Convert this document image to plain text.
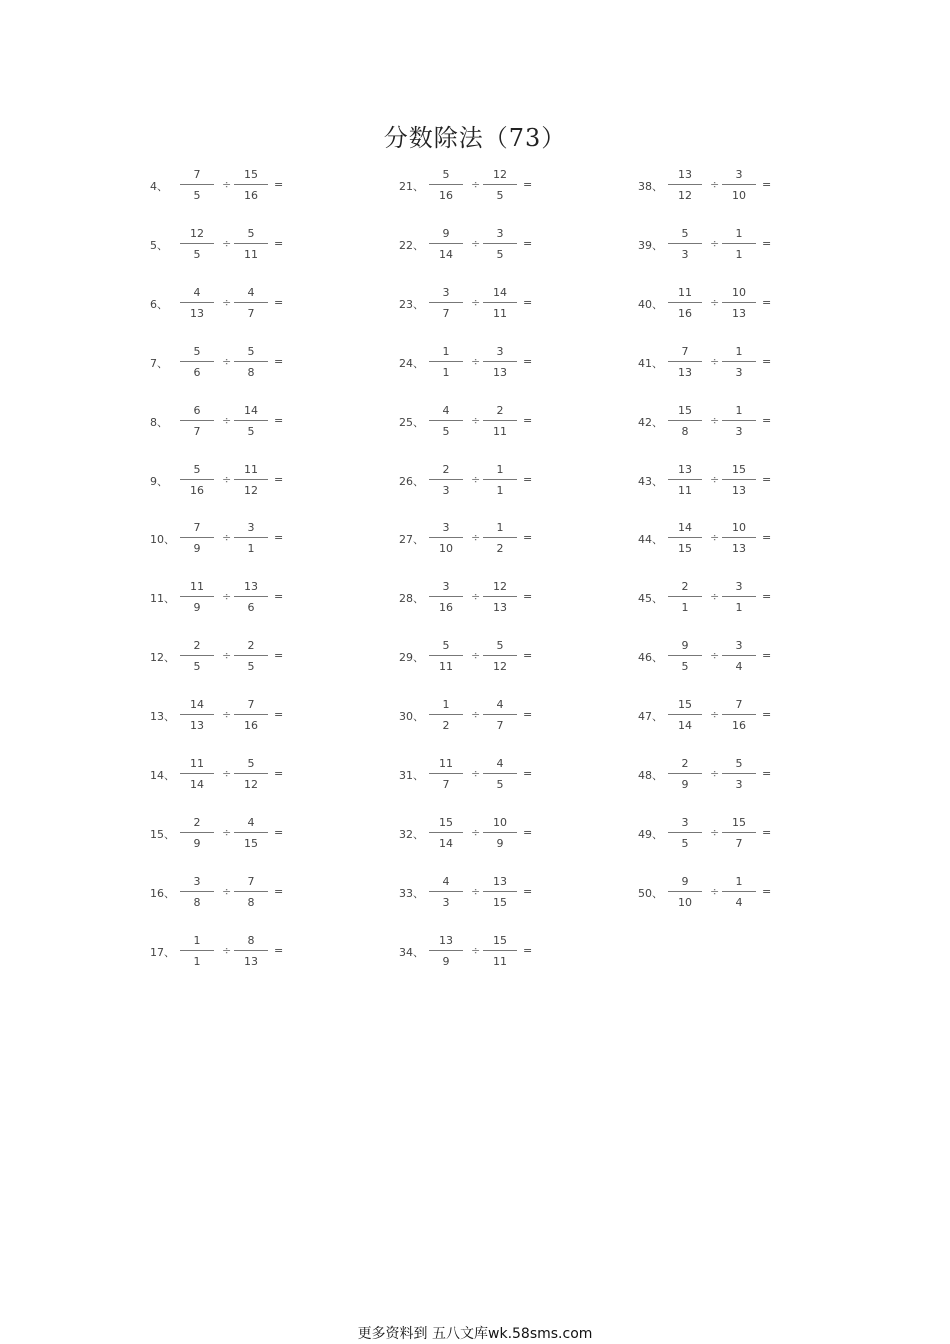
分数除法（73）
4、
7
5
÷
15
16
=
5、
12
5
÷
5
11
=
6、
4
13
÷
4
7
=
7、
5
6
÷
5
8
=
8、
6
7
÷
14
5
=
9、
5
16
÷
11
12
=
10、
7
9
÷
3
1
=
11、
11
9
÷
13
6
=
12、
2
5
÷
2
5
=
13、
14
13
÷
7
16
=
14、
11
14
÷
5
12
=
15、
2
9
÷
4
15
=
16、
3
8
÷
7
8
=
17、
1
1
÷
8
13
=
21、
5
16
÷
12
5
=
22、
9
14
÷
3
5
=
23、
3
7
÷
14
11
=
24、
1
1
÷
3
13
=
25、
4
5
÷
2
11
=
26、
2
3
÷
1
1
=
27、
3
10
÷
1
2
=
28、
3
16
÷
12
13
=
29、
5
11
÷
5
12
=
30、
1
2
÷
4
7
=
31、
11
7
÷
4
5
=
32、
15
14
÷
10
9
=
33、
4
3
÷
13
15
=
34、
13
9
÷
15
11
=
38、
13
12
÷
3
10
=
39、
5
3
÷
1
1
=
40、
11
16
÷
10
13
=
41、
7
13
÷
1
3
=
42、
15
8
÷
1
3
=
43、
13
11
÷
15
13
=
44、
14
15
÷
10
13
=
45、
2
1
÷
3
1
=
46、
9
5
÷
3
4
=
47、
15
14
÷
7
16
=
48、
2
9
÷
5
3
=
49、
3
5
÷
15
7
=
50、
9
10
÷
1
4
=
更多资料到 五八文库wk.58sms.com
